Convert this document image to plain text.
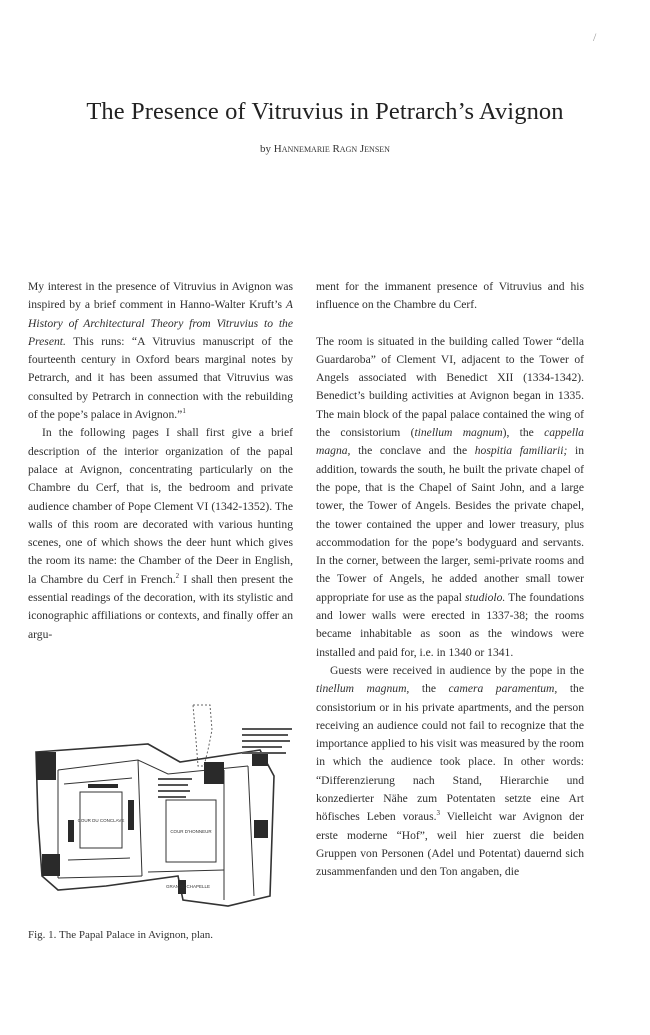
/
The Presence of Vitruvius in Petrarch’s Avignon
by Hannemarie Ragn Jensen

My interest in the presence of Vitruvius in Avignon was inspired by a brief comment in Hanno-Walter Kruft’s A History of Architectural Theory from Vitruvius to the Present. This runs: “A Vitruvius manuscript of the fourteenth century in Oxford bears marginal notes by Petrarch, and it has been assumed that Vitruvius was consulted by Petrarch in connection with the rebuilding of the pope’s palace in Avignon.”$^1$

In the following pages I shall first give a brief description of the interior organization of the papal palace at Avignon, concentrating particularly on the Chambre du Cerf, that is, the bedroom and private audience chamber of Pope Clement VI (1342-1352). The walls of this room are decorated with various hunting scenes, one of which shows the deer hunt which gives the room its name: the Chamber of the Deer in English, la Chambre du Cerf in French.$^2$ I shall then present the essential readings of the decoration, with its stylistic and iconographic affiliations or contexts, and finally offer an argu-

ment for the immanent presence of Vitruvius and his influence on the Chambre du Cerf.

The room is situated in the building called Tower “della Guardaroba” of Clement VI, adjacent to the Tower of Angels associated with Benedict XII (1334-1342). Benedict’s building activities at Avignon began in 1335. The main block of the papal palace contained the wing of the consistorium (tinellum magnum), the cappella magna, the conclave and the hospitia familiarii; in addition, towards the south, he built the private chapel of the pope, that is the Chapel of Saint John, and a large tower, the Tower of Angels. Besides the private chapel, the tower contained the upper and lower treasury, plus accommodation for the pope’s bodyguard and servants. In the corner, between the larger, semi-private rooms and the Tower of Angels, he added another small tower appropriate for use as the papal studiolo. The foundations and lower walls were erected in 1337-38; the rooms became inhabitable as soon as the windows were installed and paid for, i.e. in 1340 or 1341.

Guests were received in audience by the pope in the tinellum magnum, the camera paramentum, the consistorium or in his private apartments, and the person receiving an audience could not fail to recognize that the importance applied to his visit was measured by the room in which the audience took place. In other words: “Differenzierung nach Stand, Hierarchie und konzedierter Nähe zum Potentaten setzte eine Art höfisches Leben voraus.$^3$ Vielleicht war Avignon der erste moderne “Hof”, weil hier zuerst die beiden Gruppen von Personen (Adel und Potentat) dauernd sich zusammenfanden und den Ton angaben, die

COUR DU CONCLAVE
COUR D'HONNEUR
GRANDE CHAPELLE
Fig. 1. The Papal Palace in Avignon, plan.
